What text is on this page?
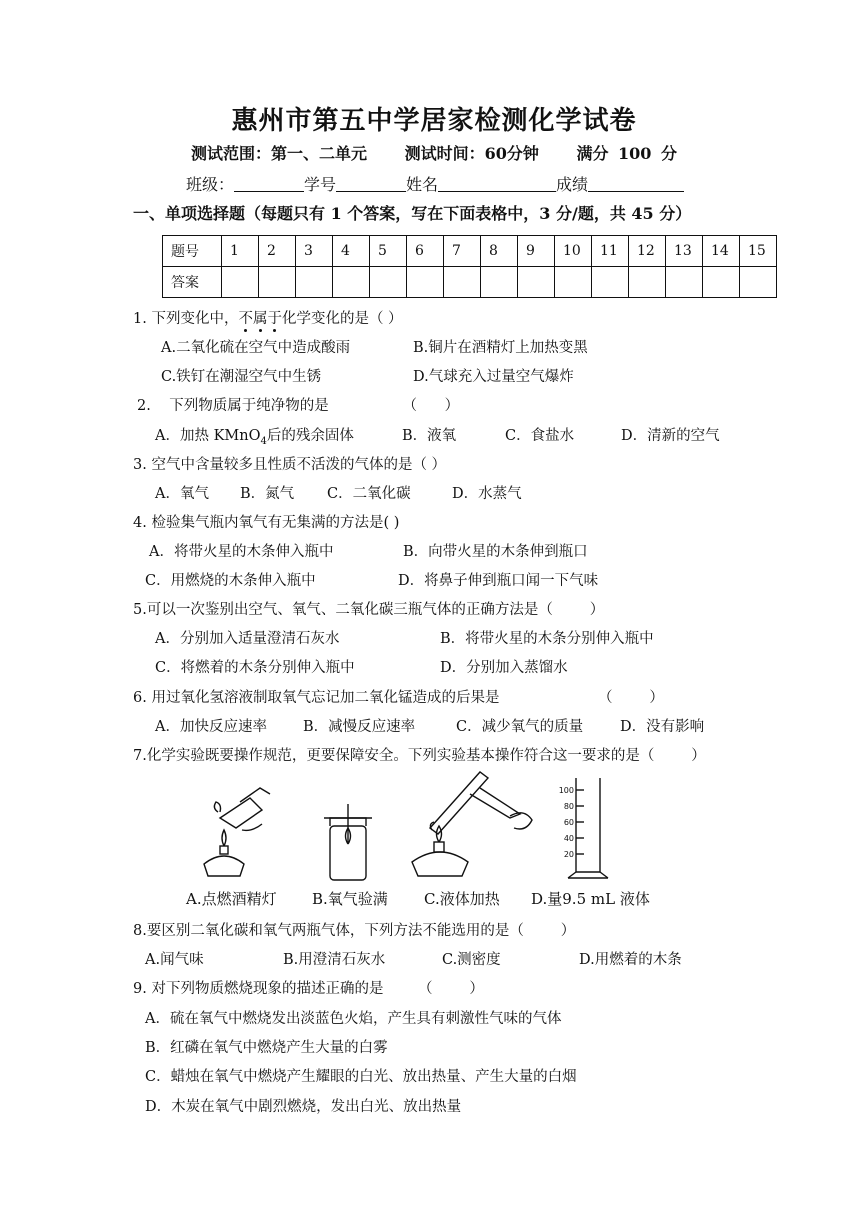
惠州市第五中学居家检测化学试卷
测试范围：第一、二单元 测试时间：60分钟 满分 100 分
班级：	学号	姓名	成绩
一、单项选择题（每题只有 1 个答案，写在下面表格中，3 分/题，共 45 分）
题号	1	2	3	4	5	6	7	8	9	10	11	12	13	14	15
答案															
1. 下列变化中，不属于化学变化的是（ ）
A.二氧化硫在空气中造成酸雨	B.铜片在酒精灯上加热变黑
C.铁钉在潮湿空气中生锈	D.气球充入过量空气爆炸
2.    下列物质属于纯净物的是                （      ）
A．加热 KMnO$_4$后的残余固体	B．液氧	C．食盐水	D．清新的空气
3. 空气中含量较多且性质不活泼的气体的是（ ）
A．氧气 B．氮气 C．二氧化碳	D．水蒸气
4. 检验集气瓶内氧气有无集满的方法是( )
A．将带火星的木条伸入瓶中	B．向带火星的木条伸到瓶口
C．用燃烧的木条伸入瓶中	D．将鼻子伸到瓶口闻一下气味
5.可以一次鉴别出空气、氧气、二氧化碳三瓶气体的正确方法是（        ）
A．分别加入适量澄清石灰水	B．将带火星的木条分别伸入瓶中
C．将燃着的木条分别伸入瓶中	D．分别加入蒸馏水
6. 用过氧化氢溶液制取氧气忘记加二氧化锰造成的后果是	（        ）
A．加快反应速率 B．减慢反应速率	C．减少氧气的质量	D．没有影响
7.化学实验既要操作规范，更要保障安全。下列实验基本操作符合这一要求的是（        ）
100
80
60
40
20
A.点燃酒精灯 B.氧气验满 C.液体加热 D.量9.5 mL 液体
8.要区别二氧化碳和氧气两瓶气体，下列方法不能选用的是（        ）
A.闻气味	B.用澄清石灰水	C.测密度	D.用燃着的木条
9. 对下列物质燃烧现象的描述正确的是 （        ）
A．硫在氧气中燃烧发出淡蓝色火焰，产生具有刺激性气味的气体
B．红磷在氧气中燃烧产生大量的白雾
C．蜡烛在氧气中燃烧产生耀眼的白光、放出热量、产生大量的白烟
D．木炭在氧气中剧烈燃烧，发出白光、放出热量
